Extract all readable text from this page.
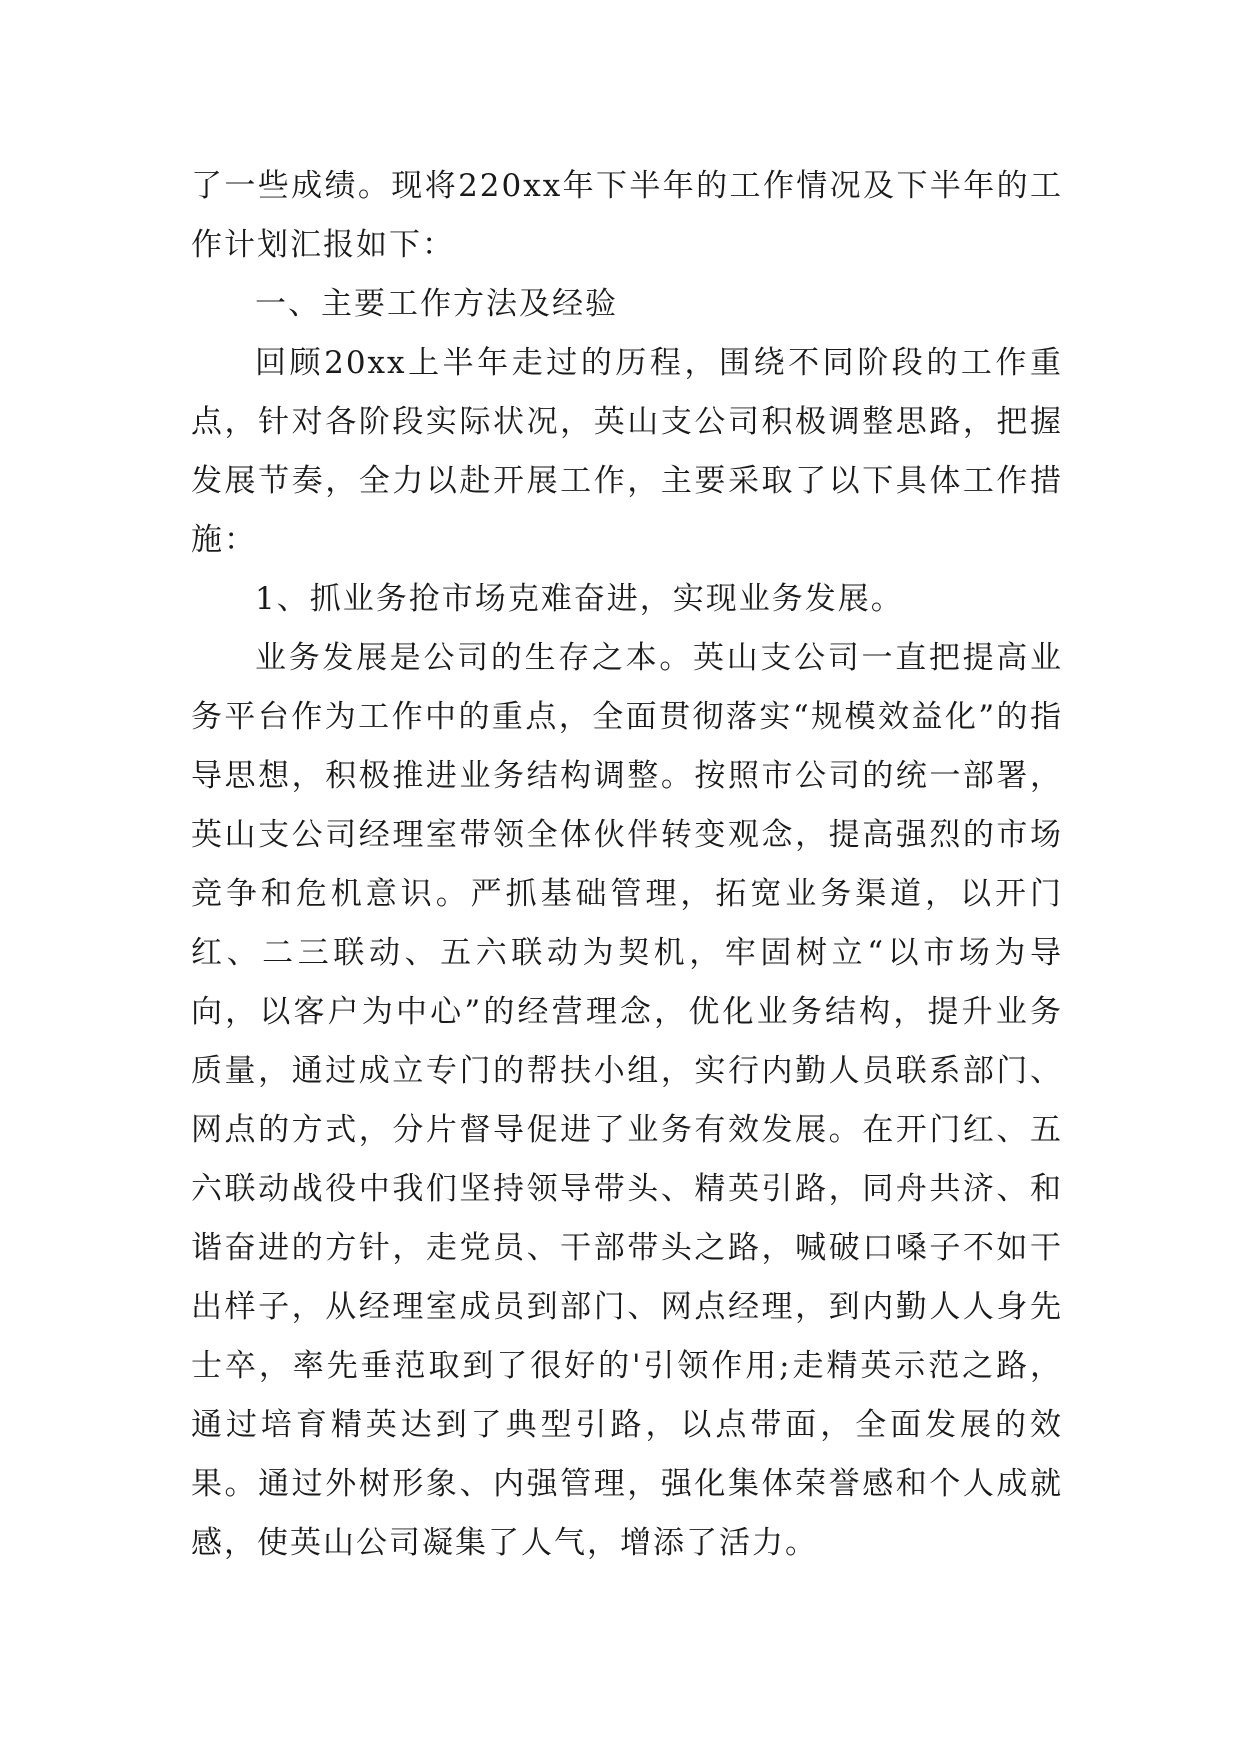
了一些成绩。现将220xx年下半年的工作情况及下半年的工作计划汇报如下：

一、主要工作方法及经验

回顾20xx上半年走过的历程，围绕不同阶段的工作重点，针对各阶段实际状况，英山支公司积极调整思路，把握发展节奏，全力以赴开展工作，主要采取了以下具体工作措施：

1、抓业务抢市场克难奋进，实现业务发展。

业务发展是公司的生存之本。英山支公司一直把提高业务平台作为工作中的重点，全面贯彻落实“规模效益化”的指导思想，积极推进业务结构调整。按照市公司的统一部署，英山支公司经理室带领全体伙伴转变观念，提高强烈的市场竞争和危机意识。严抓基础管理，拓宽业务渠道，以开门红、二三联动、五六联动为契机，牢固树立“以市场为导向，以客户为中心”的经营理念，优化业务结构，提升业务质量，通过成立专门的帮扶小组，实行内勤人员联系部门、网点的方式，分片督导促进了业务有效发展。在开门红、五六联动战役中我们坚持领导带头、精英引路，同舟共济、和谐奋进的方针，走党员、干部带头之路，喊破口嗓子不如干出样子，从经理室成员到部门、网点经理，到内勤人人身先士卒，率先垂范取到了很好的'引领作用;走精英示范之路，通过培育精英达到了典型引路，以点带面，全面发展的效果。通过外树形象、内强管理，强化集体荣誉感和个人成就感，使英山公司凝集了人气，增添了活力。
